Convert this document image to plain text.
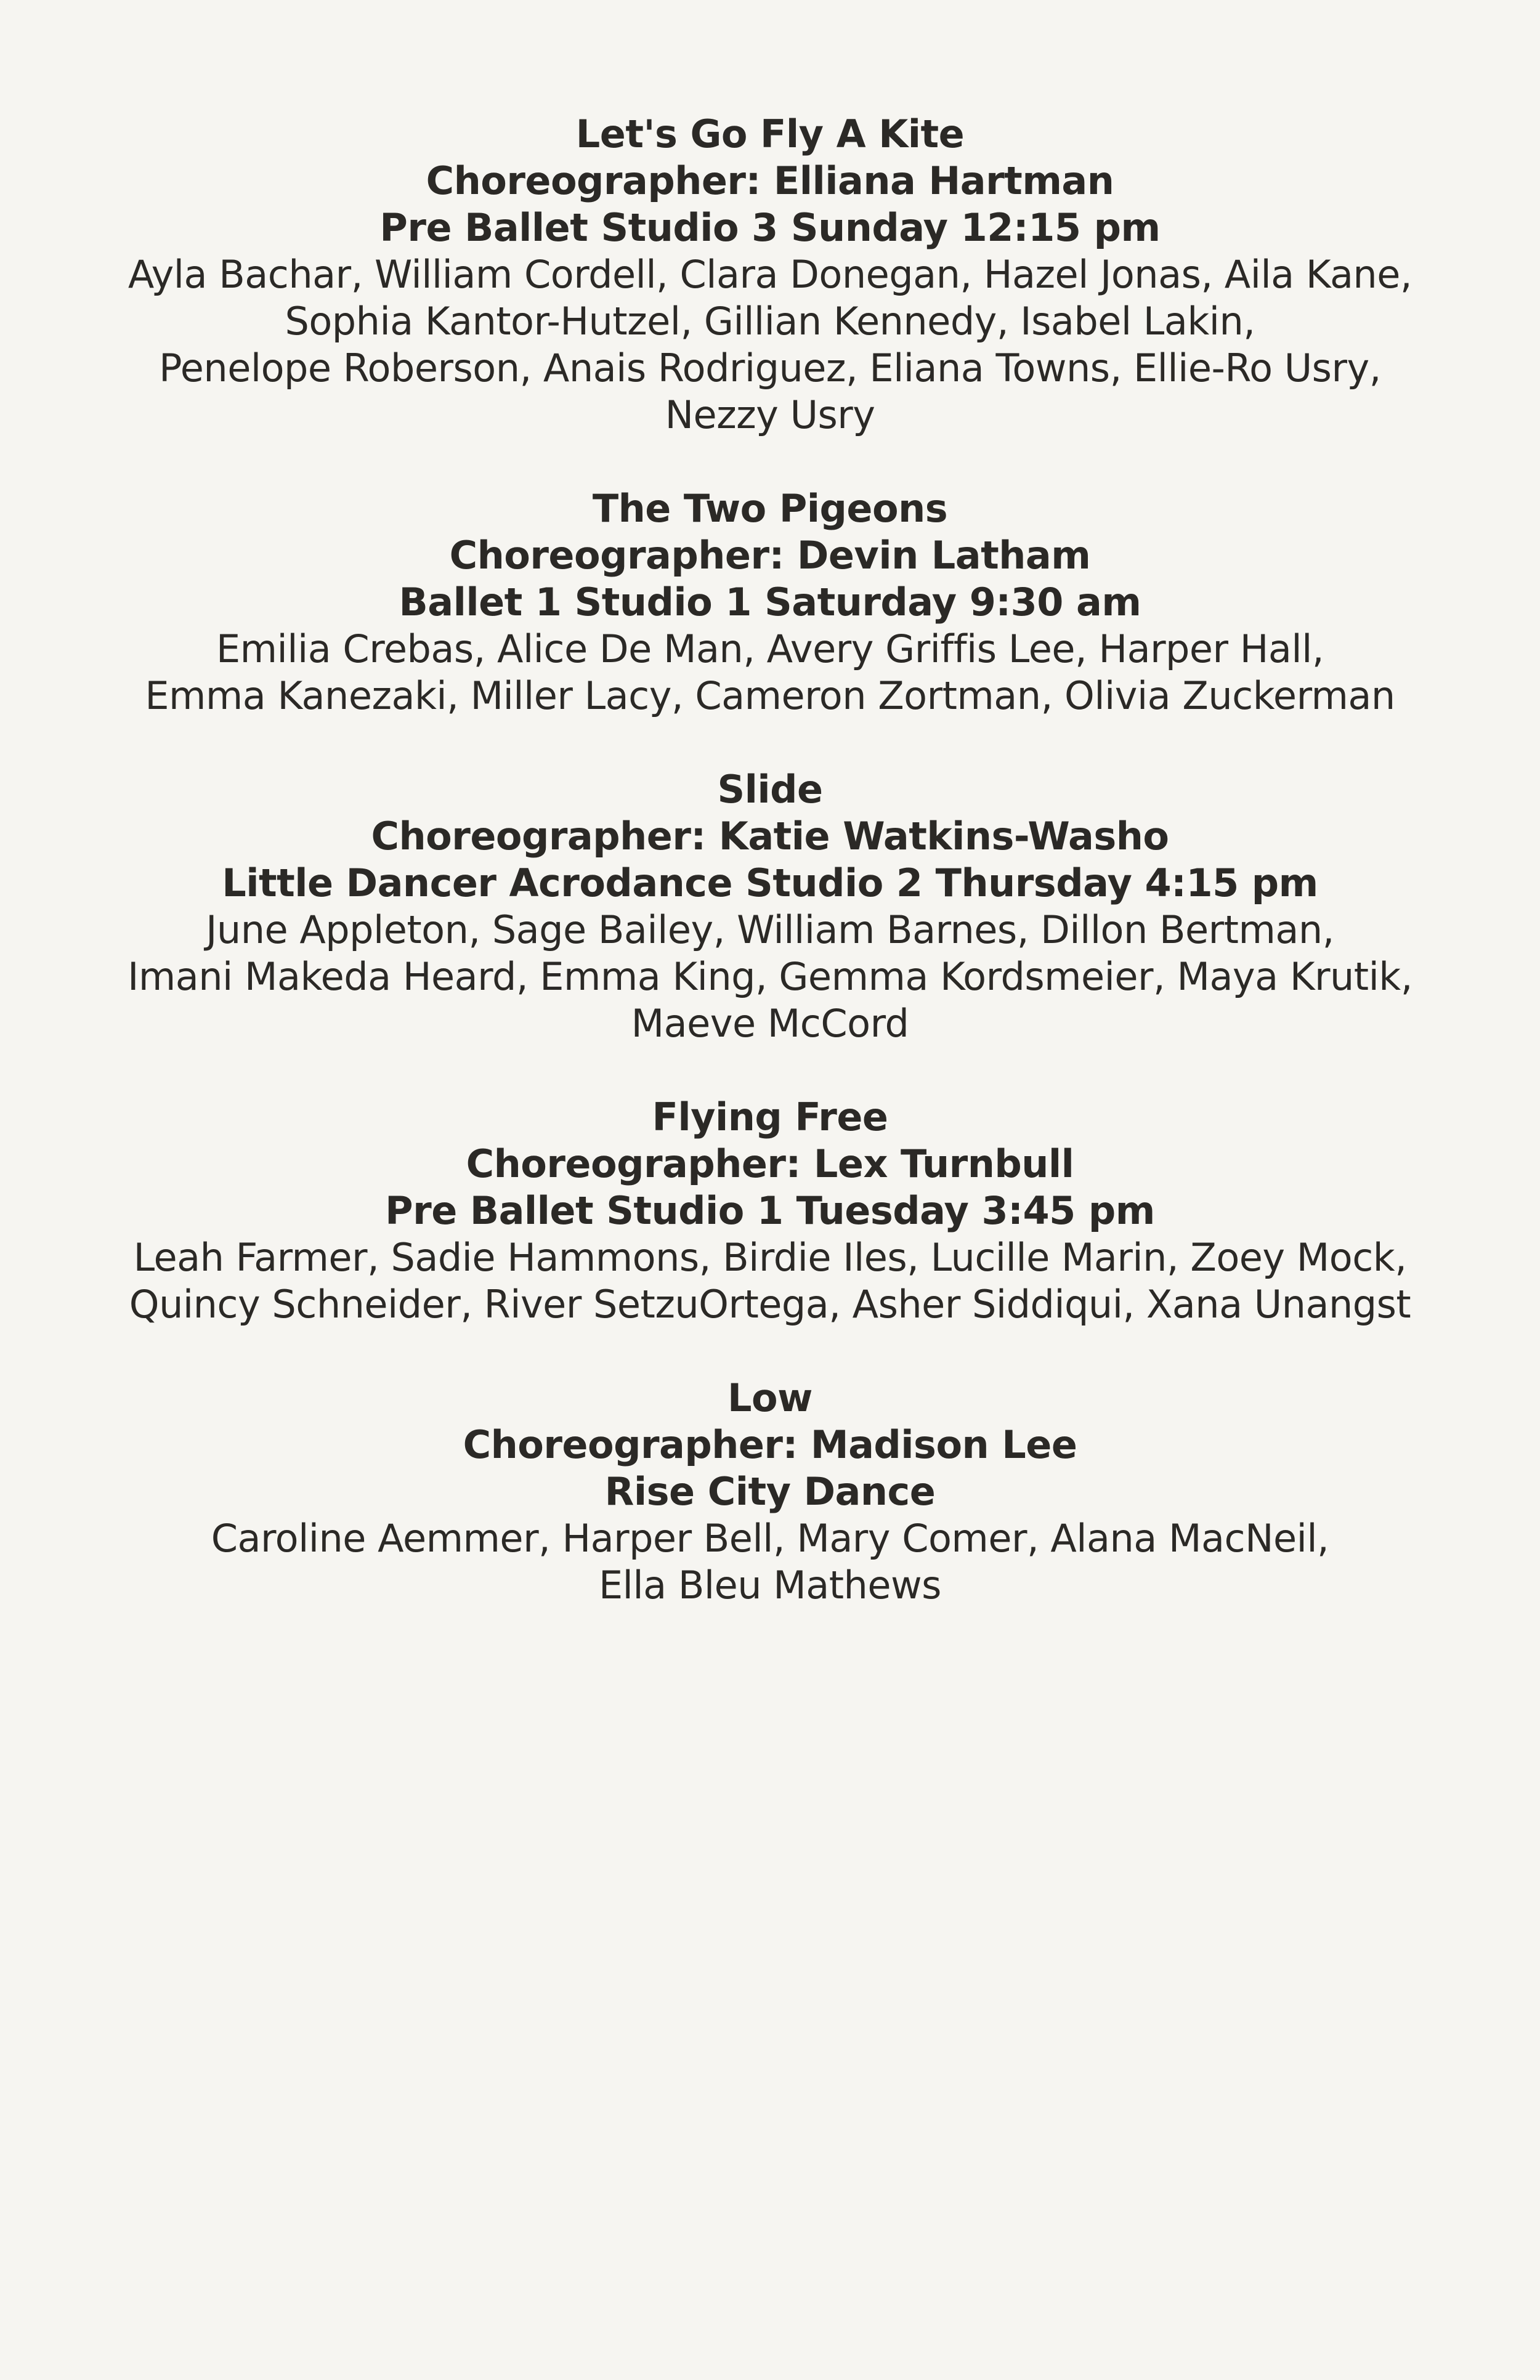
Let's Go Fly A Kite
Choreographer: Elliana Hartman
Pre Ballet Studio 3 Sunday 12:15 pm
Ayla Bachar, William Cordell, Clara Donegan, Hazel Jonas, Aila Kane,
Sophia Kantor-Hutzel, Gillian Kennedy, Isabel Lakin,
Penelope Roberson, Anais Rodriguez, Eliana Towns, Ellie-Ro Usry,
Nezzy Usry
The Two Pigeons
Choreographer: Devin Latham
Ballet 1 Studio 1 Saturday 9:30 am
Emilia Crebas, Alice De Man, Avery Griffis Lee, Harper Hall,
Emma Kanezaki, Miller Lacy, Cameron Zortman, Olivia Zuckerman
Slide
Choreographer: Katie Watkins-Washo
Little Dancer Acrodance Studio 2 Thursday 4:15 pm
June Appleton, Sage Bailey, William Barnes, Dillon Bertman,
Imani Makeda Heard, Emma King, Gemma Kordsmeier, Maya Krutik,
Maeve McCord
Flying Free
Choreographer: Lex Turnbull
Pre Ballet Studio 1 Tuesday 3:45 pm
Leah Farmer, Sadie Hammons, Birdie Iles, Lucille Marin, Zoey Mock,
Quincy Schneider, River SetzuOrtega, Asher Siddiqui, Xana Unangst
Low
Choreographer: Madison Lee
Rise City Dance
Caroline Aemmer, Harper Bell, Mary Comer, Alana MacNeil,
Ella Bleu Mathews
